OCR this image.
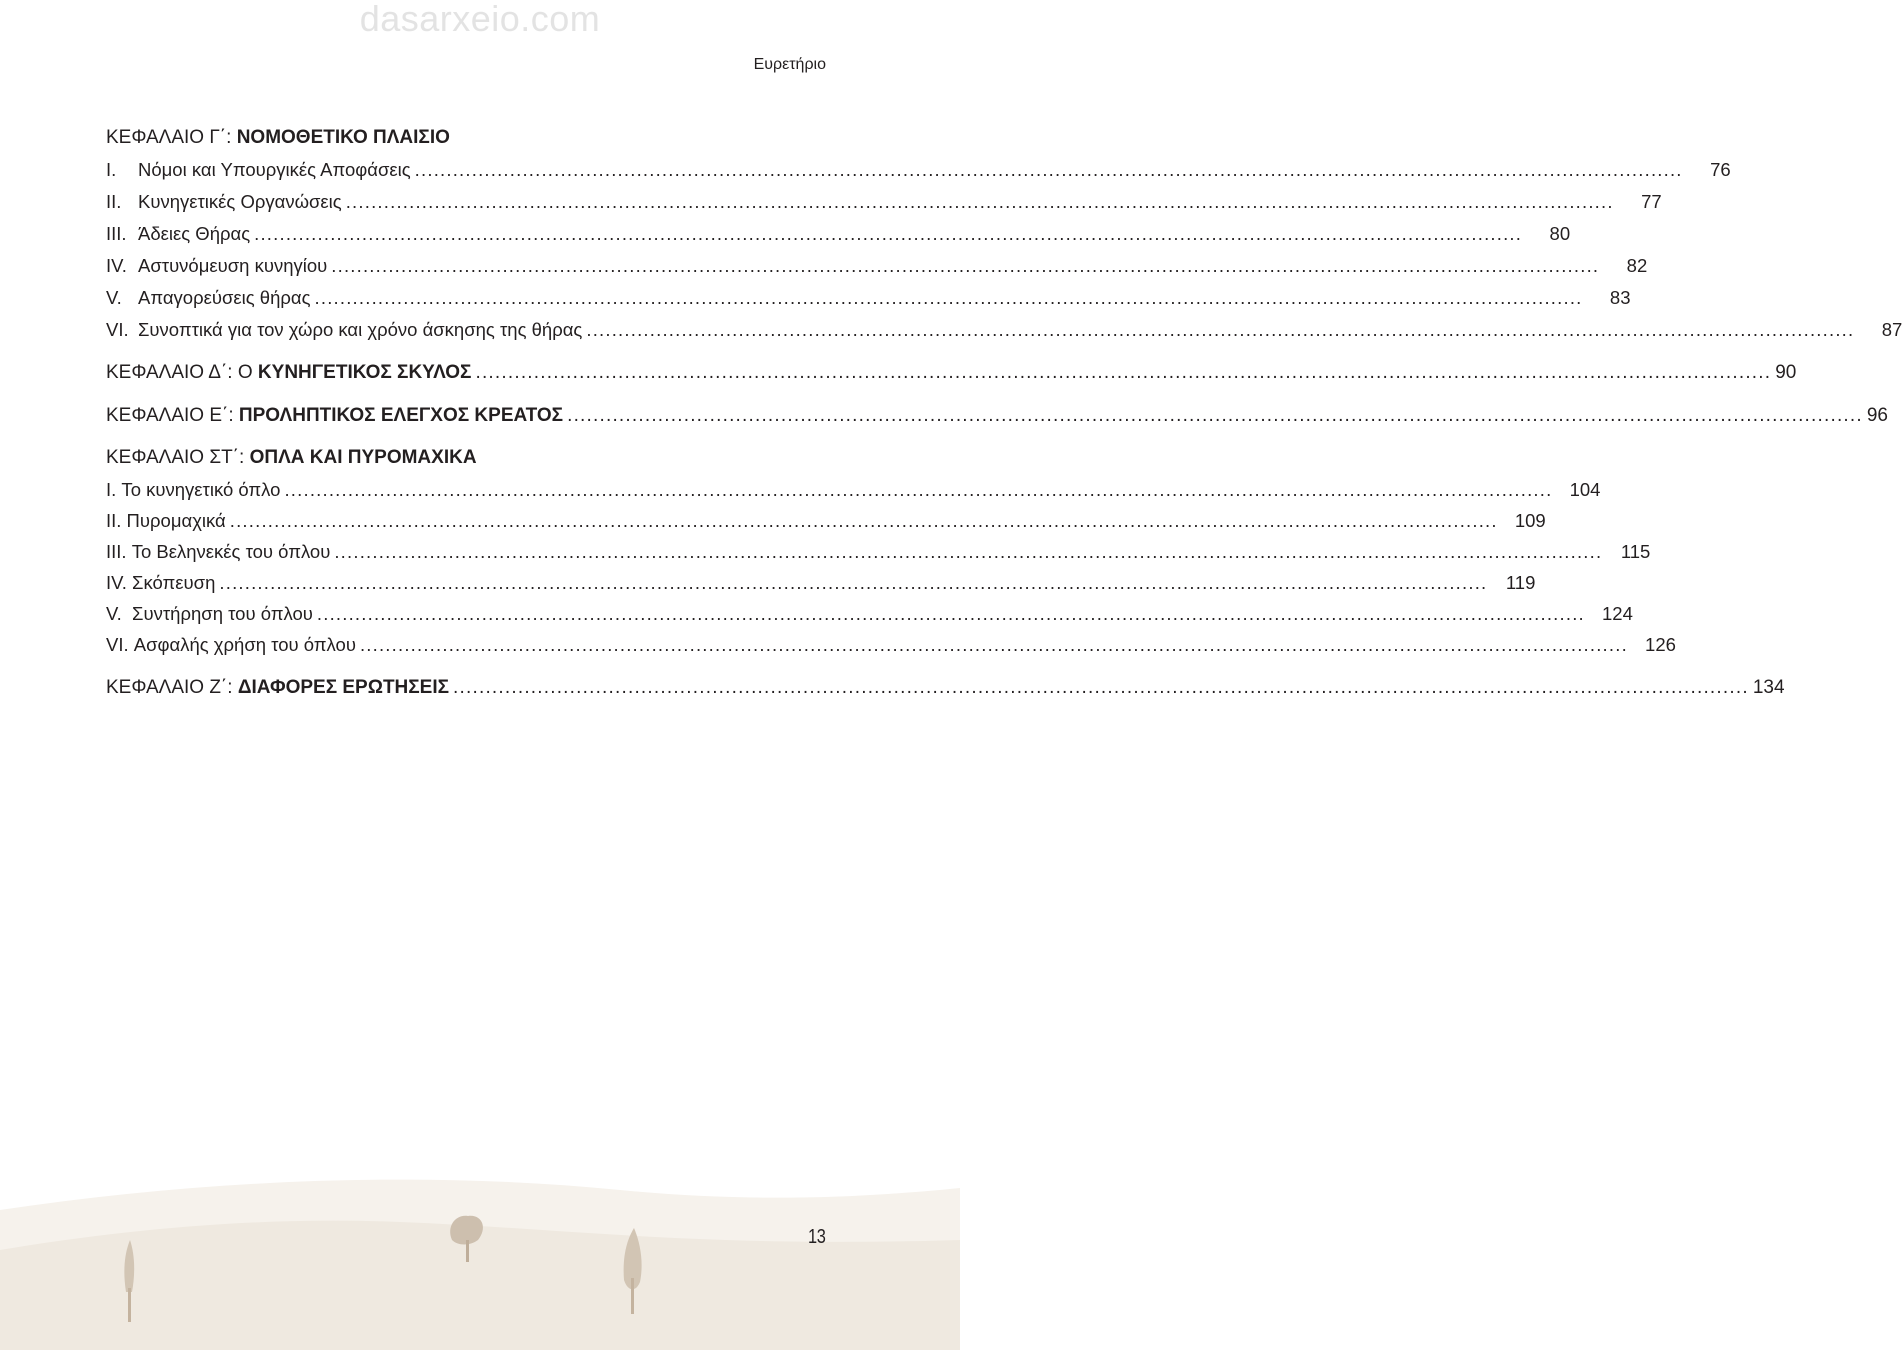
dasarxeio.com
Ευρετήριο
ΚΕΦΑΛΑΙΟ Γ΄: ΝΟΜΟΘΕΤΙΚΟ ΠΛΑΙΣΙΟ
I. Νόμοι και Υπουργικές Αποφάσεις ........................................................................................................................................................................................................	76
II. Κυνηγετικές Οργανώσεις ........................................................................................................................................................................................................	77
III. Άδειες Θήρας ........................................................................................................................................................................................................	80
IV. Αστυνόμευση κυνηγίου ........................................................................................................................................................................................................	82
V. Απαγορεύσεις θήρας ........................................................................................................................................................................................................	83
VI. Συνοπτικά για τον χώρο και χρόνο άσκησης της θήρας ........................................................................................................................................................................................................	87
ΚΕΦΑΛΑΙΟ Δ΄: Ο ΚΥΝΗΓΕΤΙΚΟΣ ΣΚΥΛΟΣ ........................................................................................................................................................................................................ 90
ΚΕΦΑΛΑΙΟ Ε΄: ΠΡΟΛΗΠΤΙΚΟΣ ΕΛΕΓΧΟΣ ΚΡΕΑΤΟΣ ........................................................................................................................................................................................................ 96
ΚΕΦΑΛΑΙΟ ΣΤ΄: ΟΠΛΑ ΚΑΙ ΠΥΡΟΜΑΧΙΚΑ
I. Το κυνηγετικό όπλο ........................................................................................................................................................................................................ 104
II. Πυρομαχικά ........................................................................................................................................................................................................ 109
III. Το Βεληνεκές του όπλου ........................................................................................................................................................................................................	115
IV. Σκόπευση ........................................................................................................................................................................................................	119
V.  Συντήρηση του όπλου ........................................................................................................................................................................................................ 124
VI. Ασφαλής χρήση του όπλου ........................................................................................................................................................................................................ 126
ΚΕΦΑΛΑΙΟ Ζ΄: ΔΙΑΦΟΡΕΣ ΕΡΩΤΗΣΕΙΣ ........................................................................................................................................................................................................ 134
13
